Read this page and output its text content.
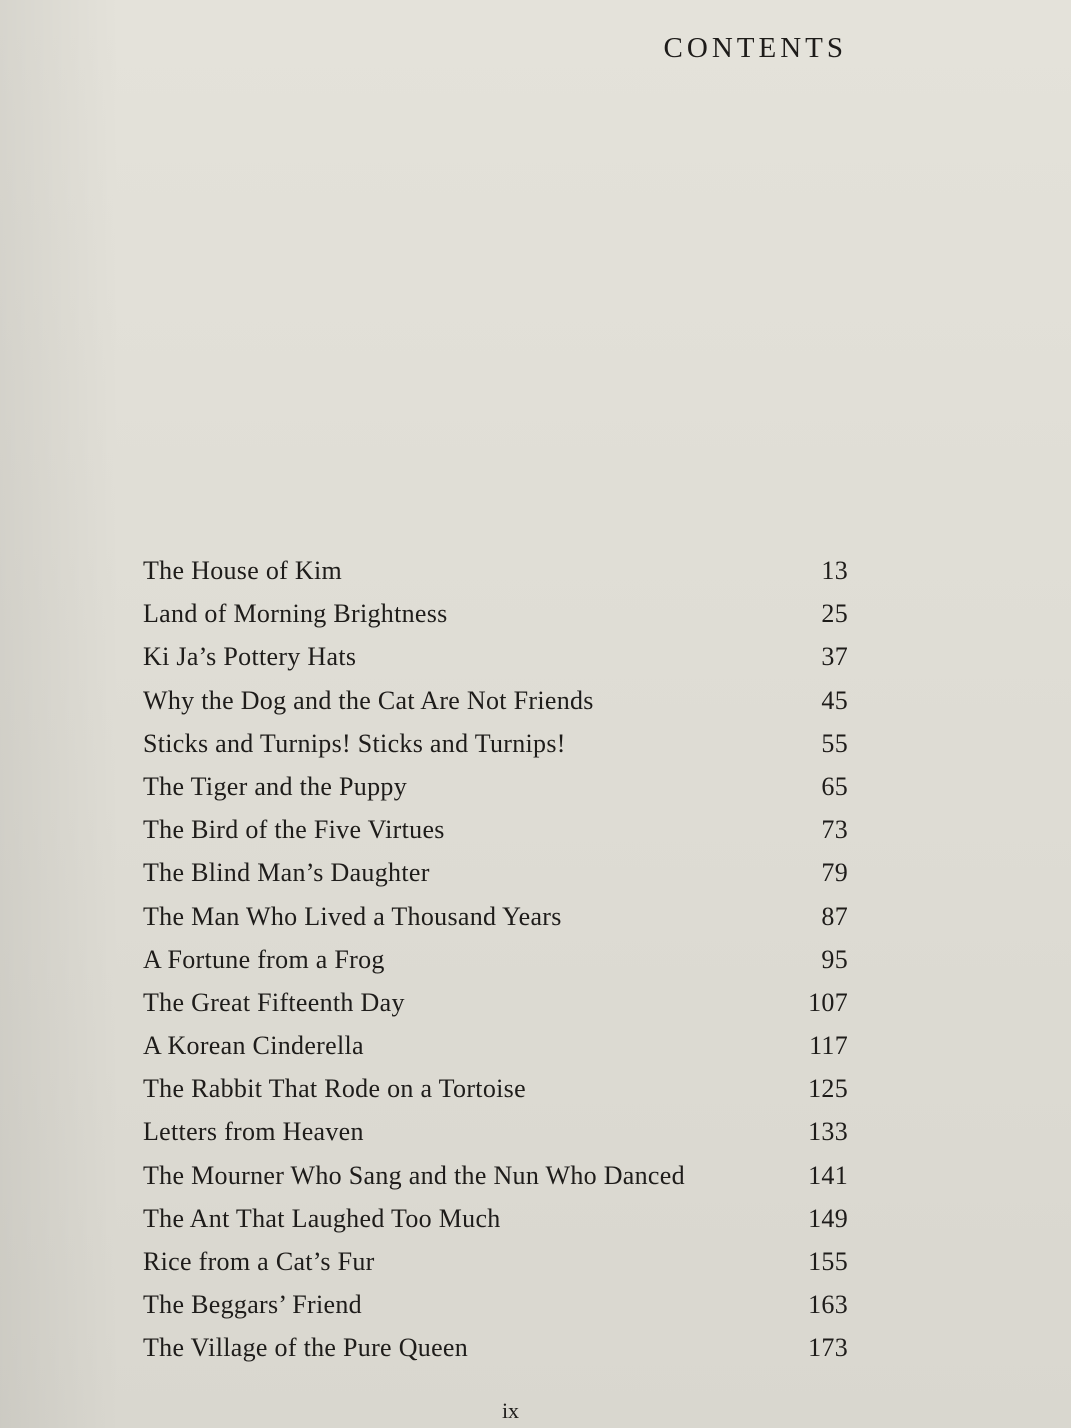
CONTENTS
The House of Kim	13
Land of Morning Brightness	25
Ki Ja’s Pottery Hats	37
Why the Dog and the Cat Are Not Friends	45
Sticks and Turnips! Sticks and Turnips!	55
The Tiger and the Puppy	65
The Bird of the Five Virtues	73
The Blind Man’s Daughter	79
The Man Who Lived a Thousand Years	87
A Fortune from a Frog	95
The Great Fifteenth Day	107
A Korean Cinderella	117
The Rabbit That Rode on a Tortoise	125
Letters from Heaven	133
The Mourner Who Sang and the Nun Who Danced	141
The Ant That Laughed Too Much	149
Rice from a Cat’s Fur	155
The Beggars’ Friend	163
The Village of the Pure Queen	173
ix
